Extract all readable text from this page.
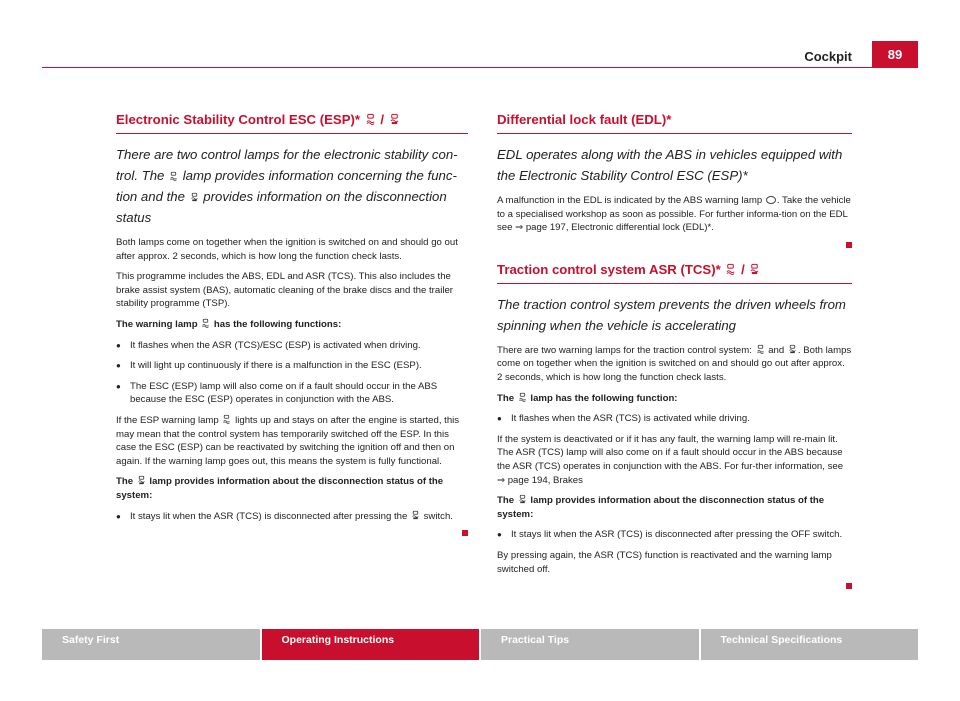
Cockpit	89
Electronic Stability Control ESC (ESP)*  /
There are two control lamps for the electronic stability con-trol. The lamp provides information concerning the func-tion and the provides information on the disconnection status

Both lamps come on together when the ignition is switched on and should go out after approx. 2 seconds, which is how long the function check lasts.

This programme includes the ABS, EDL and ASR (TCS). This also includes the brake assist system (BAS), automatic cleaning of the brake discs and the trailer stability programme (TSP).

The warning lamp has the following functions:

● It flashes when the ASR (TCS)/ESC (ESP) is activated when driving.

● It will light up continuously if there is a malfunction in the ESC (ESP).

● The ESC (ESP) lamp will also come on if a fault should occur in the ABS because the ESC (ESP) operates in conjunction with the ABS.

If the ESP warning lamp lights up and stays on after the engine is started, this may mean that the control system has temporarily switched off the ESP. In this case the ESC (ESP) can be reactivated by switching the ignition off and then on again. If the warning lamp goes out, this means the system is fully functional.

The lamp provides information about the disconnection status of the system:

● It stays lit when the ASR (TCS) is disconnected after pressing the switch.

Differential lock fault (EDL)*
EDL operates along with the ABS in vehicles equipped with the Electronic Stability Control ESC (ESP)*

A malfunction in the EDL is indicated by the ABS warning lamp . Take the vehicle to a specialised workshop as soon as possible. For further informa-tion on the EDL see ⇒ page 197, Electronic differential lock (EDL)*.

Traction control system ASR (TCS)*  /
The traction control system prevents the driven wheels from spinning when the vehicle is accelerating

There are two warning lamps for the traction control system: and . Both lamps come on together when the ignition is switched on and should go out after approx. 2 seconds, which is how long the function check lasts.

The lamp has the following function:

● It flashes when the ASR (TCS) is activated while driving.

If the system is deactivated or if it has any fault, the warning lamp will re-main lit. The ASR (TCS) lamp will also come on if a fault should occur in the ABS because the ASR (TCS) operates in conjunction with the ABS. For fur-ther information, see ⇒ page 194, Brakes

The lamp provides information about the disconnection status of the system:

● It stays lit when the ASR (TCS) is disconnected after pressing the OFF switch.

By pressing again, the ASR (TCS) function is reactivated and the warning lamp switched off.

Safety First	Operating Instructions	Practical Tips	Technical Specifications
